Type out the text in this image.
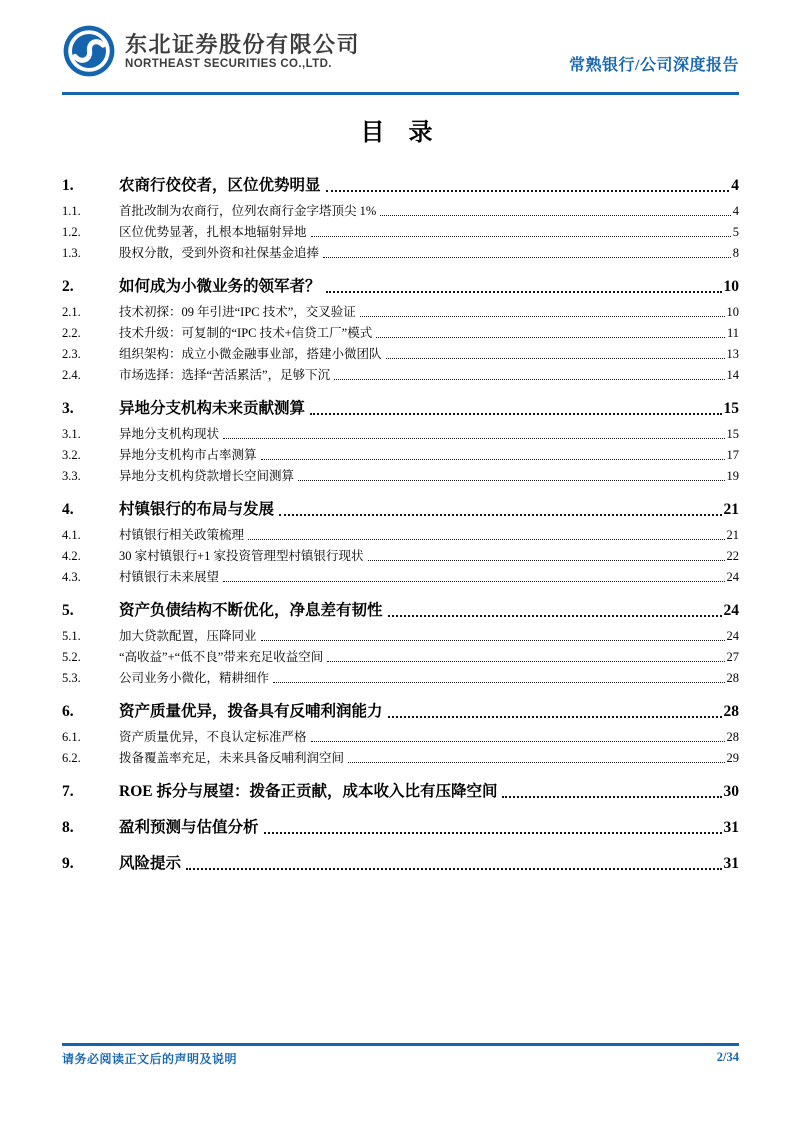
东北证券股份有限公司
NORTHEAST SECURITIES CO.,LTD.	常熟银行/公司深度报告
目 录
1.	农商行佼佼者，区位优势明显	4
1.1.	首批改制为农商行，位列农商行金字塔顶尖 1%	4
1.2.	区位优势显著，扎根本地辐射异地	5
1.3.	股权分散，受到外资和社保基金追捧	8
2.	如何成为小微业务的领军者？	10
2.1.	技术初探：09 年引进“IPC 技术”，交叉验证	10
2.2.	技术升级：可复制的“IPC 技术+信贷工厂”模式	11
2.3.	组织架构：成立小微金融事业部，搭建小微团队	13
2.4.	市场选择：选择“苦活累活”，足够下沉	14
3.	异地分支机构未来贡献测算	15
3.1.	异地分支机构现状	15
3.2.	异地分支机构市占率测算	17
3.3.	异地分支机构贷款增长空间测算	19
4.	村镇银行的布局与发展	21
4.1.	村镇银行相关政策梳理	21
4.2.	30 家村镇银行+1 家投资管理型村镇银行现状	22
4.3.	村镇银行未来展望	24
5.	资产负债结构不断优化，净息差有韧性	24
5.1.	加大贷款配置，压降同业	24
5.2.	“高收益”+“低不良”带来充足收益空间	27
5.3.	公司业务小微化，精耕细作	28
6.	资产质量优异，拨备具有反哺利润能力	28
6.1.	资产质量优异，不良认定标准严格	28
6.2.	拨备覆盖率充足，未来具备反哺利润空间	29
7.	ROE 拆分与展望：拨备正贡献，成本收入比有压降空间	30
8.	盈利预测与估值分析	31
9.	风险提示	31
请务必阅读正文后的声明及说明	2/34
